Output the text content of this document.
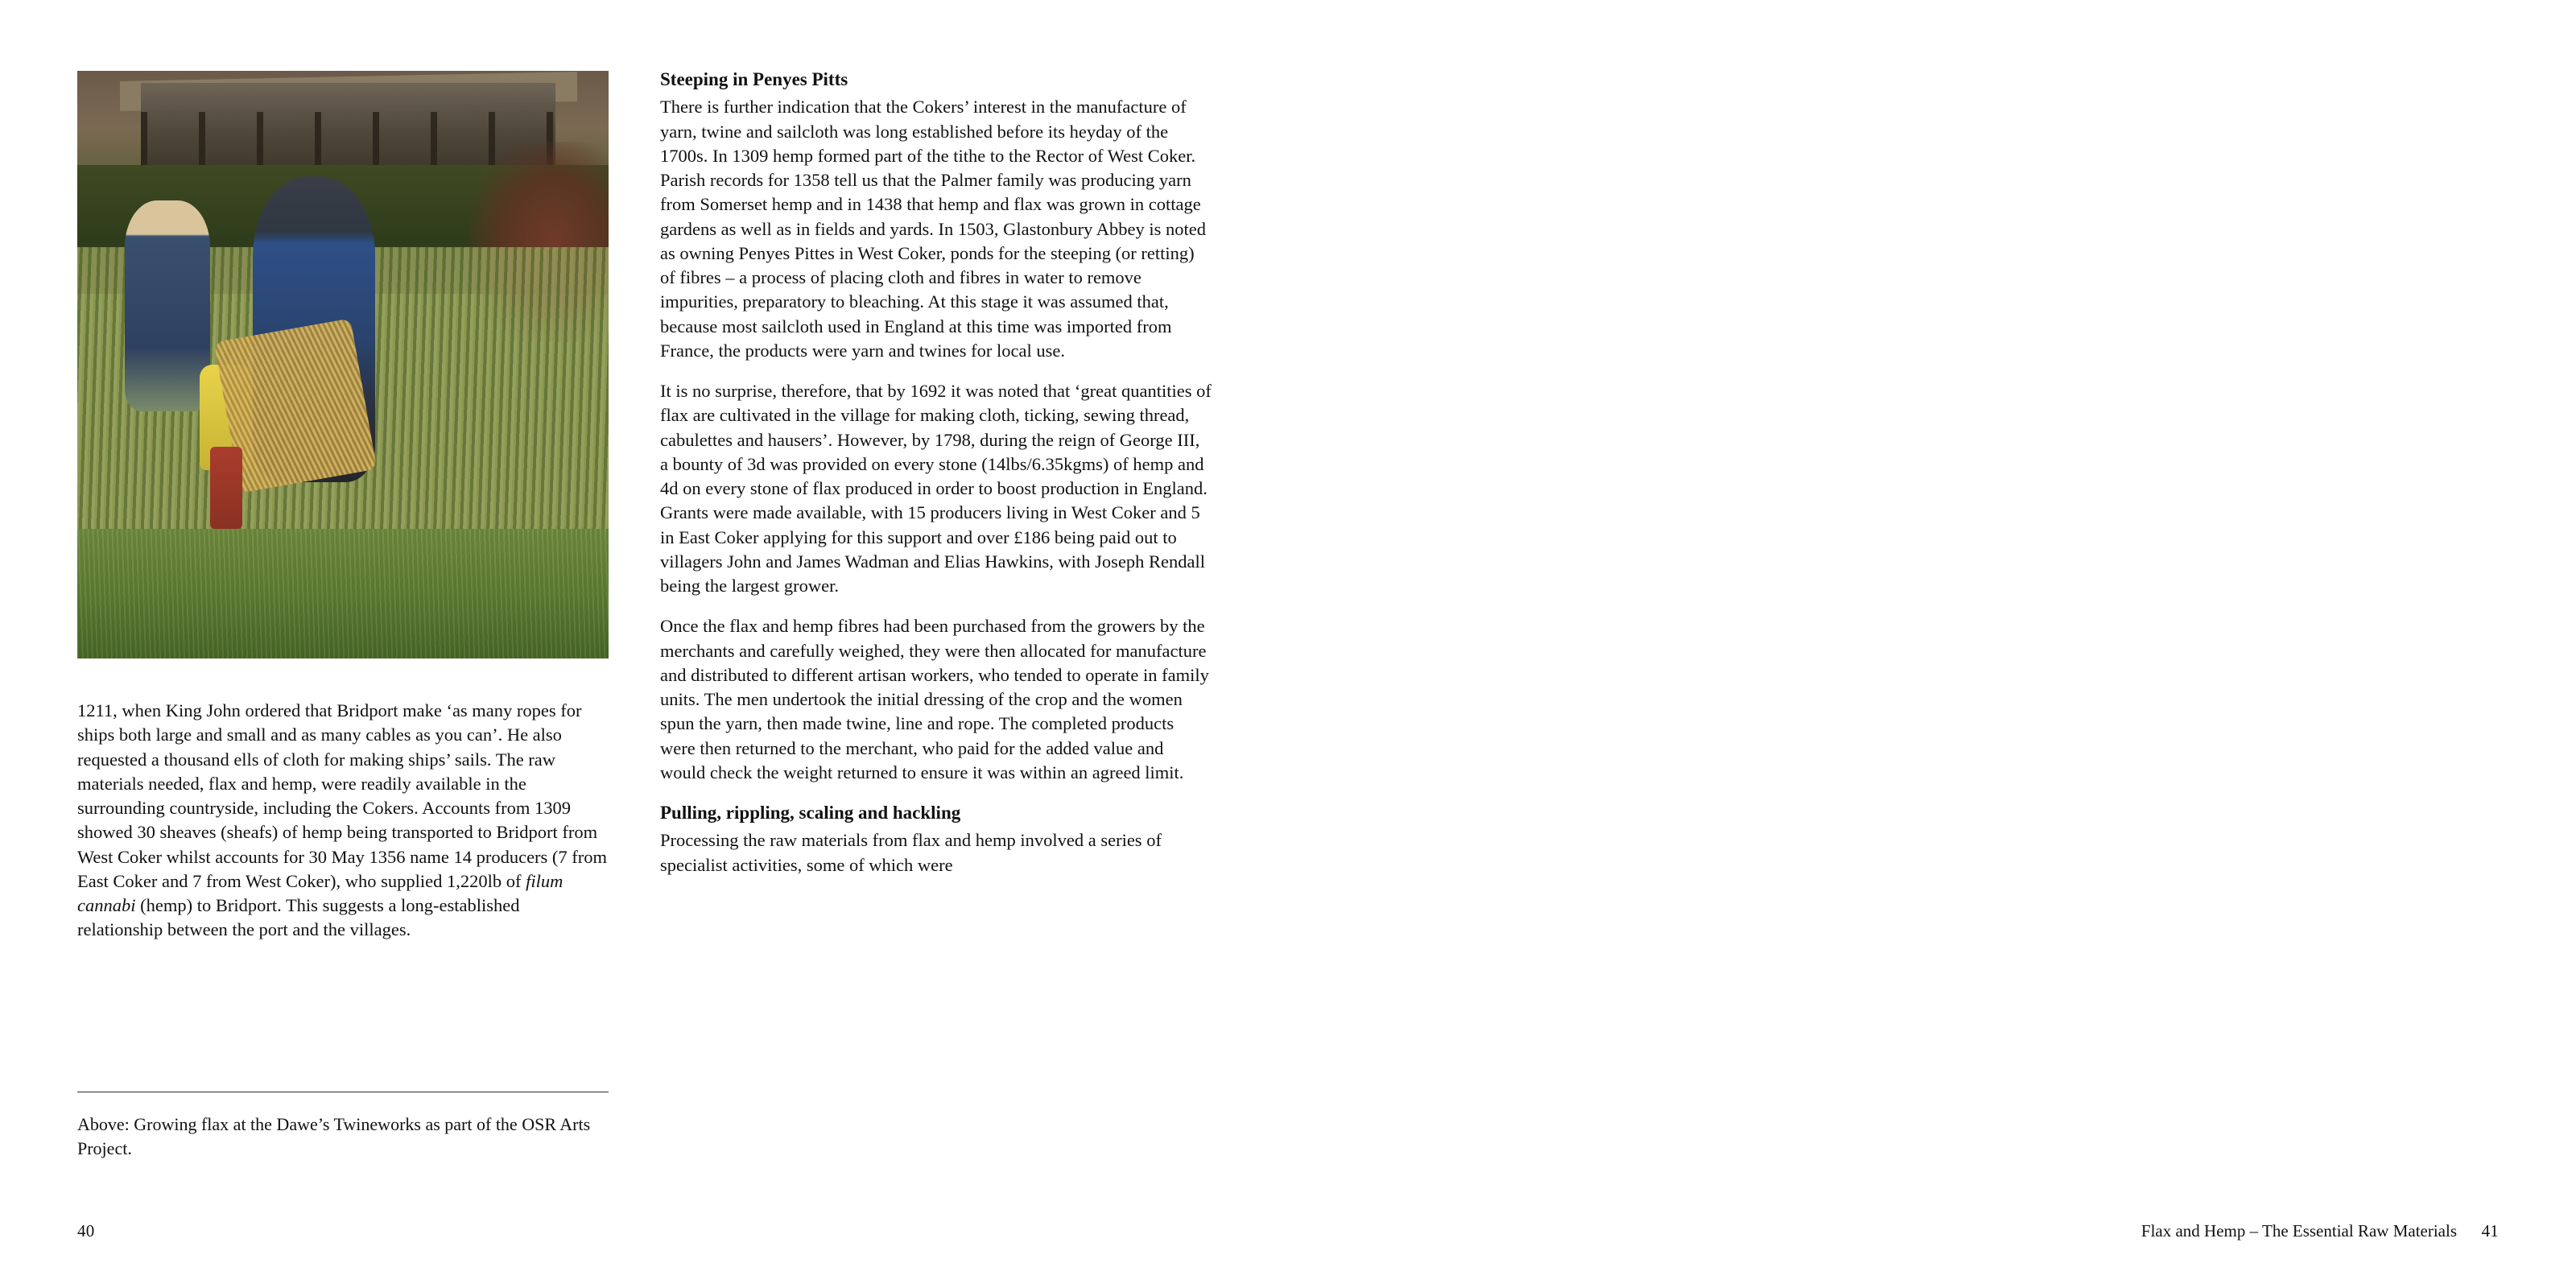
1211, when King John ordered that Bridport make ‘as many ropes for ships both large and small and as many cables as you can’. He also requested a thousand ells of cloth for making ships’ sails. The raw materials needed, flax and hemp, were readily available in the surrounding countryside, including the Cokers. Accounts from 1309 showed 30 sheaves (sheafs) of hemp being transported to Bridport from West Coker whilst accounts for 30 May 1356 name 14 producers (7 from East Coker and 7 from West Coker), who supplied 1,220lb of filum cannabi (hemp) to Bridport. This suggests a long-established relationship between the port and the villages.

Above: Growing flax at the Dawe’s Twineworks as part of the OSR Arts Project.

40
Steeping in Penyes Pitts

There is further indication that the Cokers’ interest in the manufacture of yarn, twine and sailcloth was long established before its heyday of the 1700s. In 1309 hemp formed part of the tithe to the Rector of West Coker. Parish records for 1358 tell us that the Palmer family was producing yarn from Somerset hemp and in 1438 that hemp and flax was grown in cottage gardens as well as in fields and yards. In 1503, Glastonbury Abbey is noted as owning Penyes Pittes in West Coker, ponds for the steeping (or retting) of fibres – a process of placing cloth and fibres in water to remove impurities, preparatory to bleaching. At this stage it was assumed that, because most sailcloth used in England at this time was imported from France, the products were yarn and twines for local use.

It is no surprise, therefore, that by 1692 it was noted that ‘great quantities of flax are cultivated in the village for making cloth, ticking, sewing thread, cabulettes and hausers’. However, by 1798, during the reign of George III, a bounty of 3d was provided on every stone (14lbs/6.35kgms) of hemp and 4d on every stone of flax produced in order to boost production in England. Grants were made available, with 15 producers living in West Coker and 5 in East Coker applying for this support and over £186 being paid out to villagers John and James Wadman and Elias Hawkins, with Joseph Rendall being the largest grower.

Once the flax and hemp fibres had been purchased from the growers by the merchants and carefully weighed, they were then allocated for manufacture and distributed to different artisan workers, who tended to operate in family units. The men undertook the initial dressing of the crop and the women spun the yarn, then made twine, line and rope. The completed products were then returned to the merchant, who paid for the added value and would check the weight returned to ensure it was within an agreed limit.

Pulling, rippling, scaling and hackling

Processing the raw materials from flax and hemp involved a series of specialist activities, some of which were

Flax and Hemp – The Essential Raw Materials 41
